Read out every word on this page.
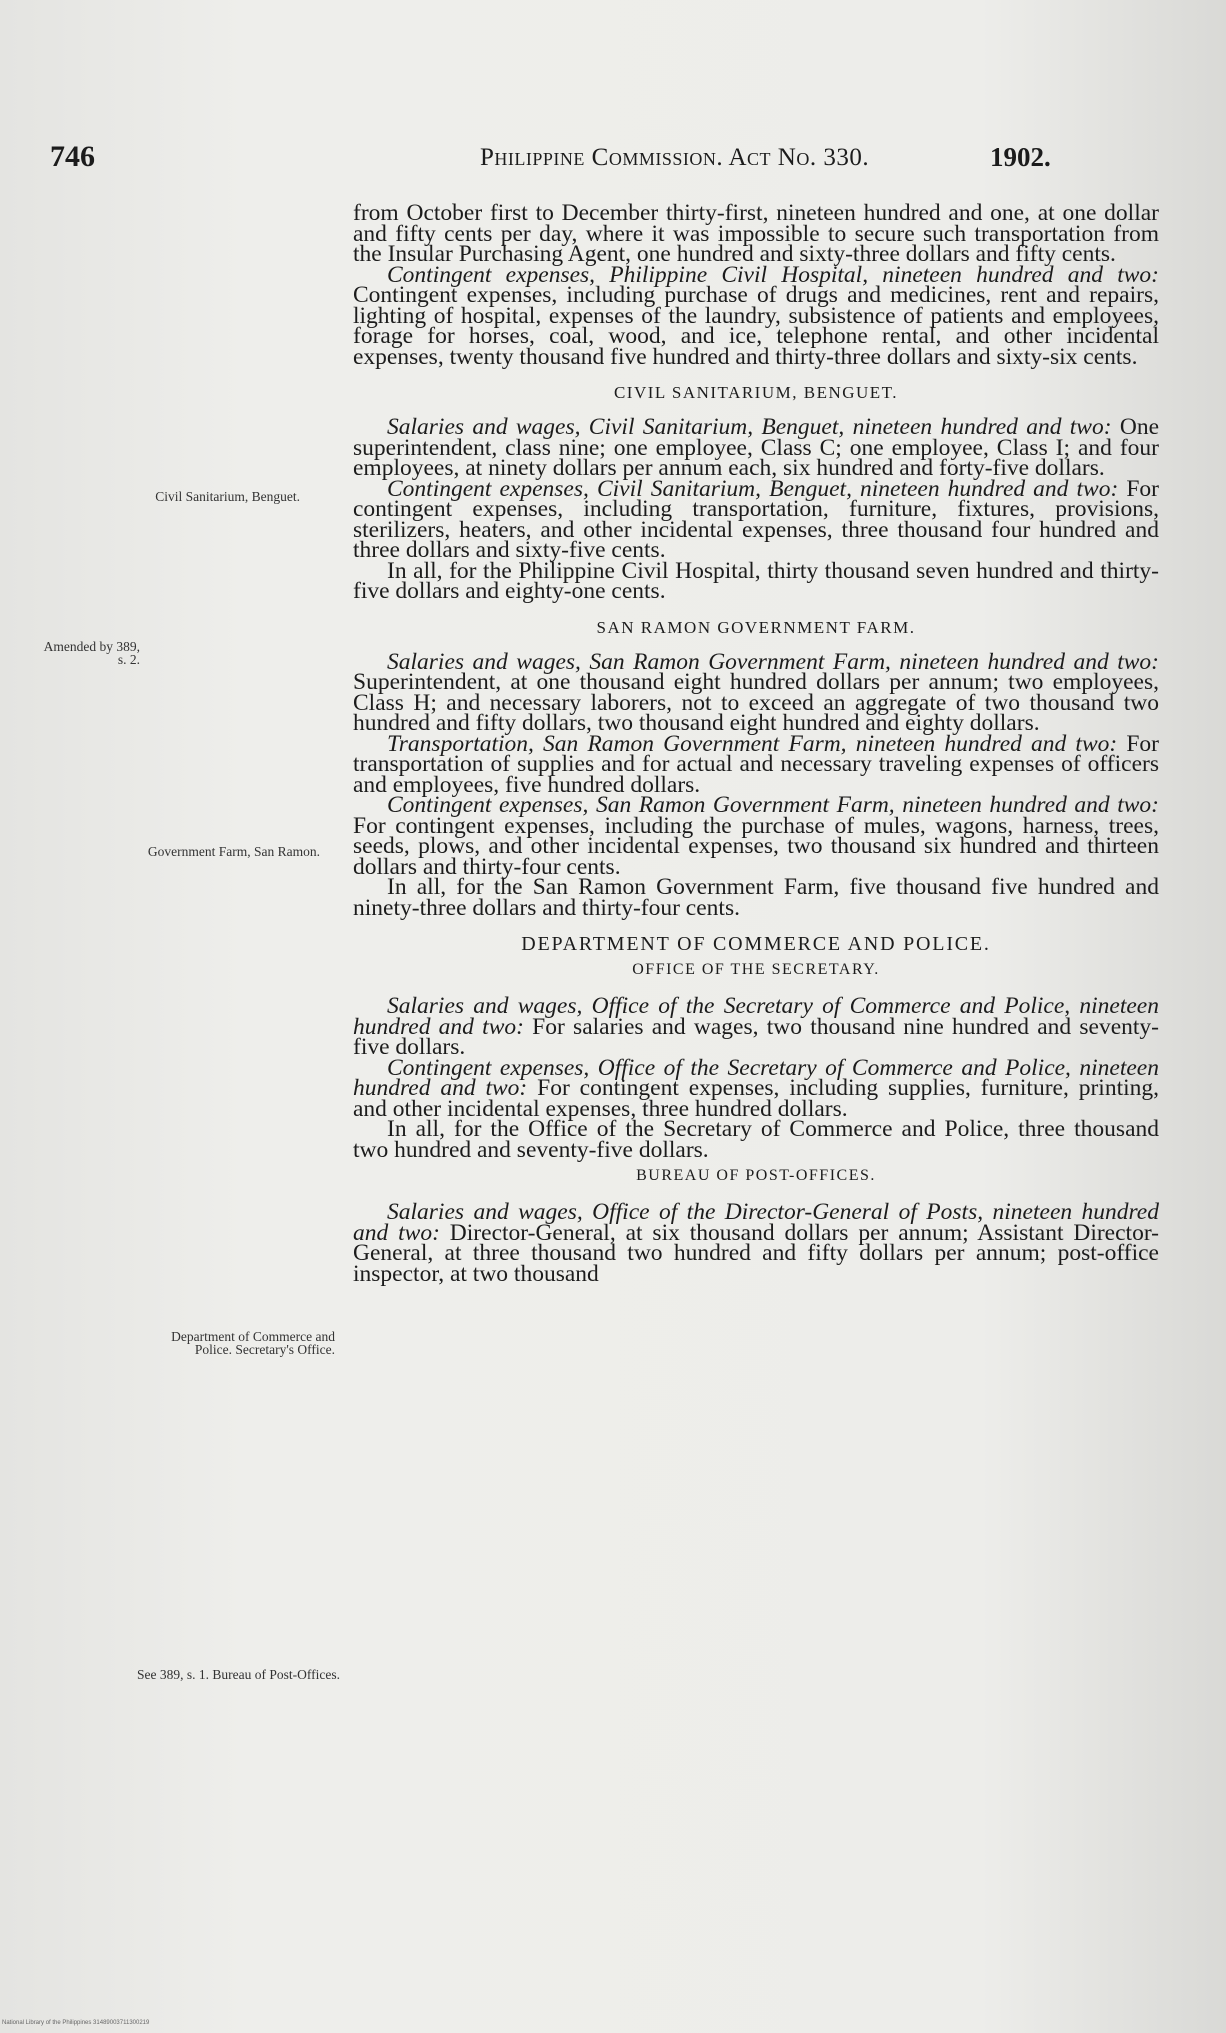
746	Philippine Commission. Act No. 330.	1902.
Civil Sanitarium, Benguet.
Amended by 389, s. 2.
Government Farm, San Ramon.
Department of Commerce and Police. Secretary's Office.
See 389, s. 1. Bureau of Post-Offices.

from October first to December thirty-first, nineteen hundred and one, at one dollar and fifty cents per day, where it was impossible to secure such transportation from the Insular Purchasing Agent, one hundred and sixty-three dollars and fifty cents.

Contingent expenses, Philippine Civil Hospital, nineteen hundred and two: Contingent expenses, including purchase of drugs and medicines, rent and repairs, lighting of hospital, expenses of the laundry, subsistence of patients and employees, forage for horses, coal, wood, and ice, telephone rental, and other incidental expenses, twenty thousand five hundred and thirty-three dollars and sixty-six cents.

CIVIL SANITARIUM, BENGUET.

Salaries and wages, Civil Sanitarium, Benguet, nineteen hundred and two: One superintendent, class nine; one employee, Class C; one employee, Class I; and four employees, at ninety dollars per annum each, six hundred and forty-five dollars.

Contingent expenses, Civil Sanitarium, Benguet, nineteen hundred and two: For contingent expenses, including transportation, furniture, fixtures, provisions, sterilizers, heaters, and other incidental expenses, three thousand four hundred and three dollars and sixty-five cents.

In all, for the Philippine Civil Hospital, thirty thousand seven hundred and thirty-five dollars and eighty-one cents.

SAN RAMON GOVERNMENT FARM.

Salaries and wages, San Ramon Government Farm, nineteen hundred and two: Superintendent, at one thousand eight hundred dollars per annum; two employees, Class H; and necessary laborers, not to exceed an aggregate of two thousand two hundred and fifty dollars, two thousand eight hundred and eighty dollars.

Transportation, San Ramon Government Farm, nineteen hundred and two: For transportation of supplies and for actual and necessary traveling expenses of officers and employees, five hundred dollars.

Contingent expenses, San Ramon Government Farm, nineteen hundred and two: For contingent expenses, including the purchase of mules, wagons, harness, trees, seeds, plows, and other incidental expenses, two thousand six hundred and thirteen dollars and thirty-four cents.

In all, for the San Ramon Government Farm, five thousand five hundred and ninety-three dollars and thirty-four cents.

DEPARTMENT OF COMMERCE AND POLICE.
OFFICE OF THE SECRETARY.

Salaries and wages, Office of the Secretary of Commerce and Police, nineteen hundred and two: For salaries and wages, two thousand nine hundred and seventy-five dollars.

Contingent expenses, Office of the Secretary of Commerce and Police, nineteen hundred and two: For contingent expenses, including supplies, furniture, printing, and other incidental expenses, three hundred dollars.

In all, for the Office of the Secretary of Commerce and Police, three thousand two hundred and seventy-five dollars.

BUREAU OF POST-OFFICES.

Salaries and wages, Office of the Director-General of Posts, nineteen hundred and two: Director-General, at six thousand dollars per annum; Assistant Director-General, at three thousand two hundred and fifty dollars per annum; post-office inspector, at two thousand

National Library of the Philippines 31489003711300219
